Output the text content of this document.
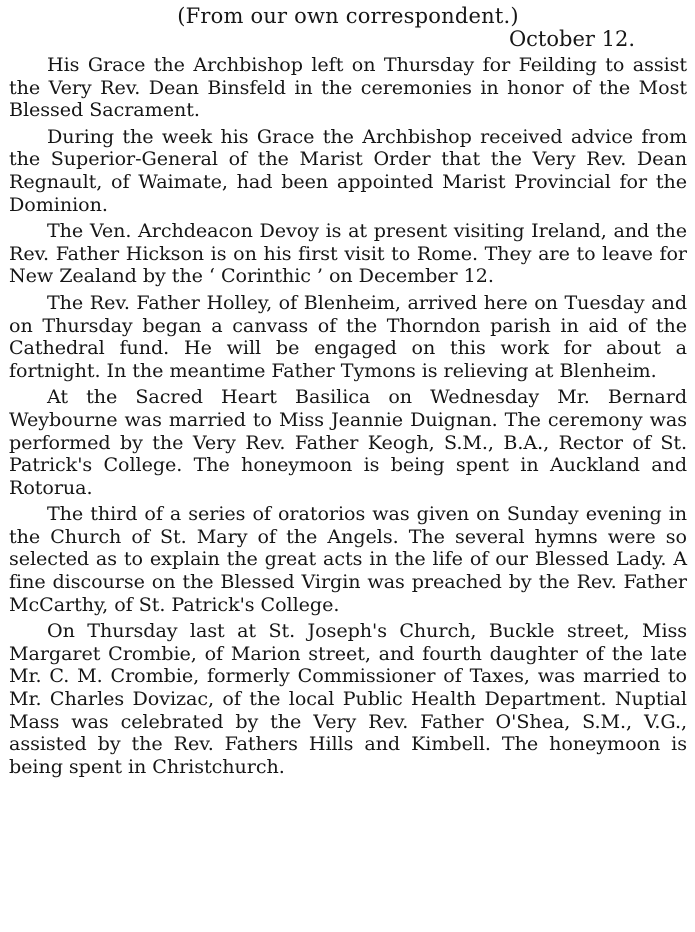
(From our own correspondent.)
October 12.

His Grace the Archbishop left on Thursday for Feilding to assist the Very Rev. Dean Binsfeld in the ceremonies in honor of the Most Blessed Sacrament.

During the week his Grace the Archbishop received advice from the Superior-General of the Marist Order that the Very Rev. Dean Regnault, of Waimate, had been appointed Marist Provincial for the Dominion.

The Ven. Archdeacon Devoy is at present visiting Ireland, and the Rev. Father Hickson is on his first visit to Rome. They are to leave for New Zealand by the ‘ Corinthic ’ on December 12.

The Rev. Father Holley, of Blenheim, arrived here on Tuesday and on Thursday began a canvass of the Thorndon parish in aid of the Cathedral fund. He will be engaged on this work for about a fortnight. In the meantime Father Tymons is relieving at Blenheim.

At the Sacred Heart Basilica on Wednesday Mr. Bernard Weybourne was married to Miss Jeannie Duignan. The ceremony was performed by the Very Rev. Father Keogh, S.M., B.A., Rector of St. Patrick's College. The honeymoon is being spent in Auckland and Rotorua.

The third of a series of oratorios was given on Sunday evening in the Church of St. Mary of the Angels. The several hymns were so selected as to explain the great acts in the life of our Blessed Lady. A fine discourse on the Blessed Virgin was preached by the Rev. Father McCarthy, of St. Patrick's College.

On Thursday last at St. Joseph's Church, Buckle street, Miss Margaret Crombie, of Marion street, and fourth daughter of the late Mr. C. M. Crombie, formerly Commissioner of Taxes, was married to Mr. Charles Dovizac, of the local Public Health Department. Nuptial Mass was celebrated by the Very Rev. Father O'Shea, S.M., V.G., assisted by the Rev. Fathers Hills and Kimbell. The honeymoon is being spent in Christchurch.
